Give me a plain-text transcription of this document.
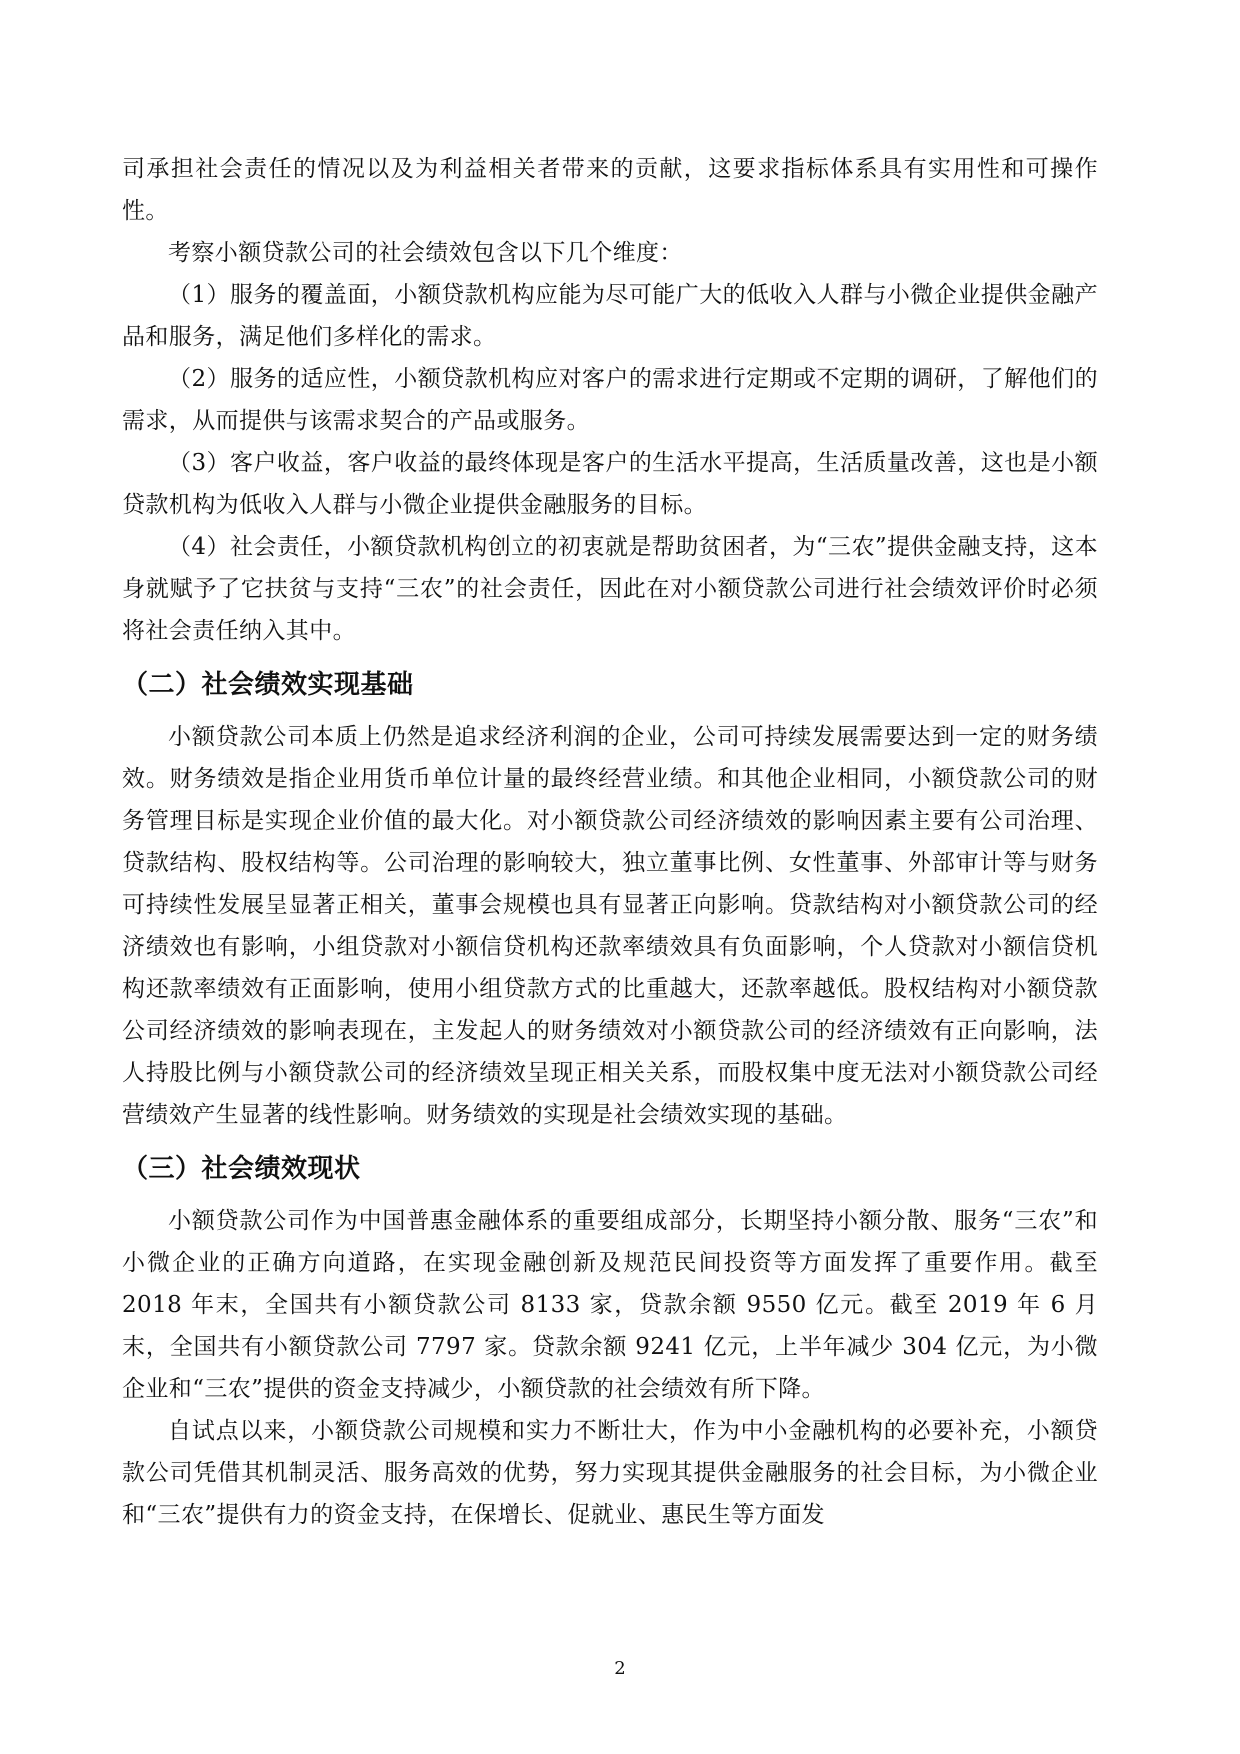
司承担社会责任的情况以及为利益相关者带来的贡献，这要求指标体系具有实用性和可操作性。

考察小额贷款公司的社会绩效包含以下几个维度：

（1）服务的覆盖面，小额贷款机构应能为尽可能广大的低收入人群与小微企业提供金融产品和服务，满足他们多样化的需求。

（2）服务的适应性，小额贷款机构应对客户的需求进行定期或不定期的调研，了解他们的需求，从而提供与该需求契合的产品或服务。

（3）客户收益，客户收益的最终体现是客户的生活水平提高，生活质量改善，这也是小额贷款机构为低收入人群与小微企业提供金融服务的目标。

（4）社会责任，小额贷款机构创立的初衷就是帮助贫困者，为“三农”提供金融支持，这本身就赋予了它扶贫与支持“三农”的社会责任，因此在对小额贷款公司进行社会绩效评价时必须将社会责任纳入其中。

（二）社会绩效实现基础

小额贷款公司本质上仍然是追求经济利润的企业，公司可持续发展需要达到一定的财务绩效。财务绩效是指企业用货币单位计量的最终经营业绩。和其他企业相同，小额贷款公司的财务管理目标是实现企业价值的最大化。对小额贷款公司经济绩效的影响因素主要有公司治理、贷款结构、股权结构等。公司治理的影响较大，独立董事比例、女性董事、外部审计等与财务可持续性发展呈显著正相关，董事会规模也具有显著正向影响。贷款结构对小额贷款公司的经济绩效也有影响，小组贷款对小额信贷机构还款率绩效具有负面影响，个人贷款对小额信贷机构还款率绩效有正面影响，使用小组贷款方式的比重越大，还款率越低。股权结构对小额贷款公司经济绩效的影响表现在，主发起人的财务绩效对小额贷款公司的经济绩效有正向影响，法人持股比例与小额贷款公司的经济绩效呈现正相关关系，而股权集中度无法对小额贷款公司经营绩效产生显著的线性影响。财务绩效的实现是社会绩效实现的基础。

（三）社会绩效现状

小额贷款公司作为中国普惠金融体系的重要组成部分，长期坚持小额分散、服务“三农”和小微企业的正确方向道路，在实现金融创新及规范民间投资等方面发挥了重要作用。截至 2018 年末，全国共有小额贷款公司 8133 家，贷款余额 9550 亿元。截至 2019 年 6 月末，全国共有小额贷款公司 7797 家。贷款余额 9241 亿元，上半年减少 304 亿元，为小微企业和“三农”提供的资金支持减少，小额贷款的社会绩效有所下降。

自试点以来，小额贷款公司规模和实力不断壮大，作为中小金融机构的必要补充，小额贷款公司凭借其机制灵活、服务高效的优势，努力实现其提供金融服务的社会目标，为小微企业和“三农”提供有力的资金支持，在保增长、促就业、惠民生等方面发

2
